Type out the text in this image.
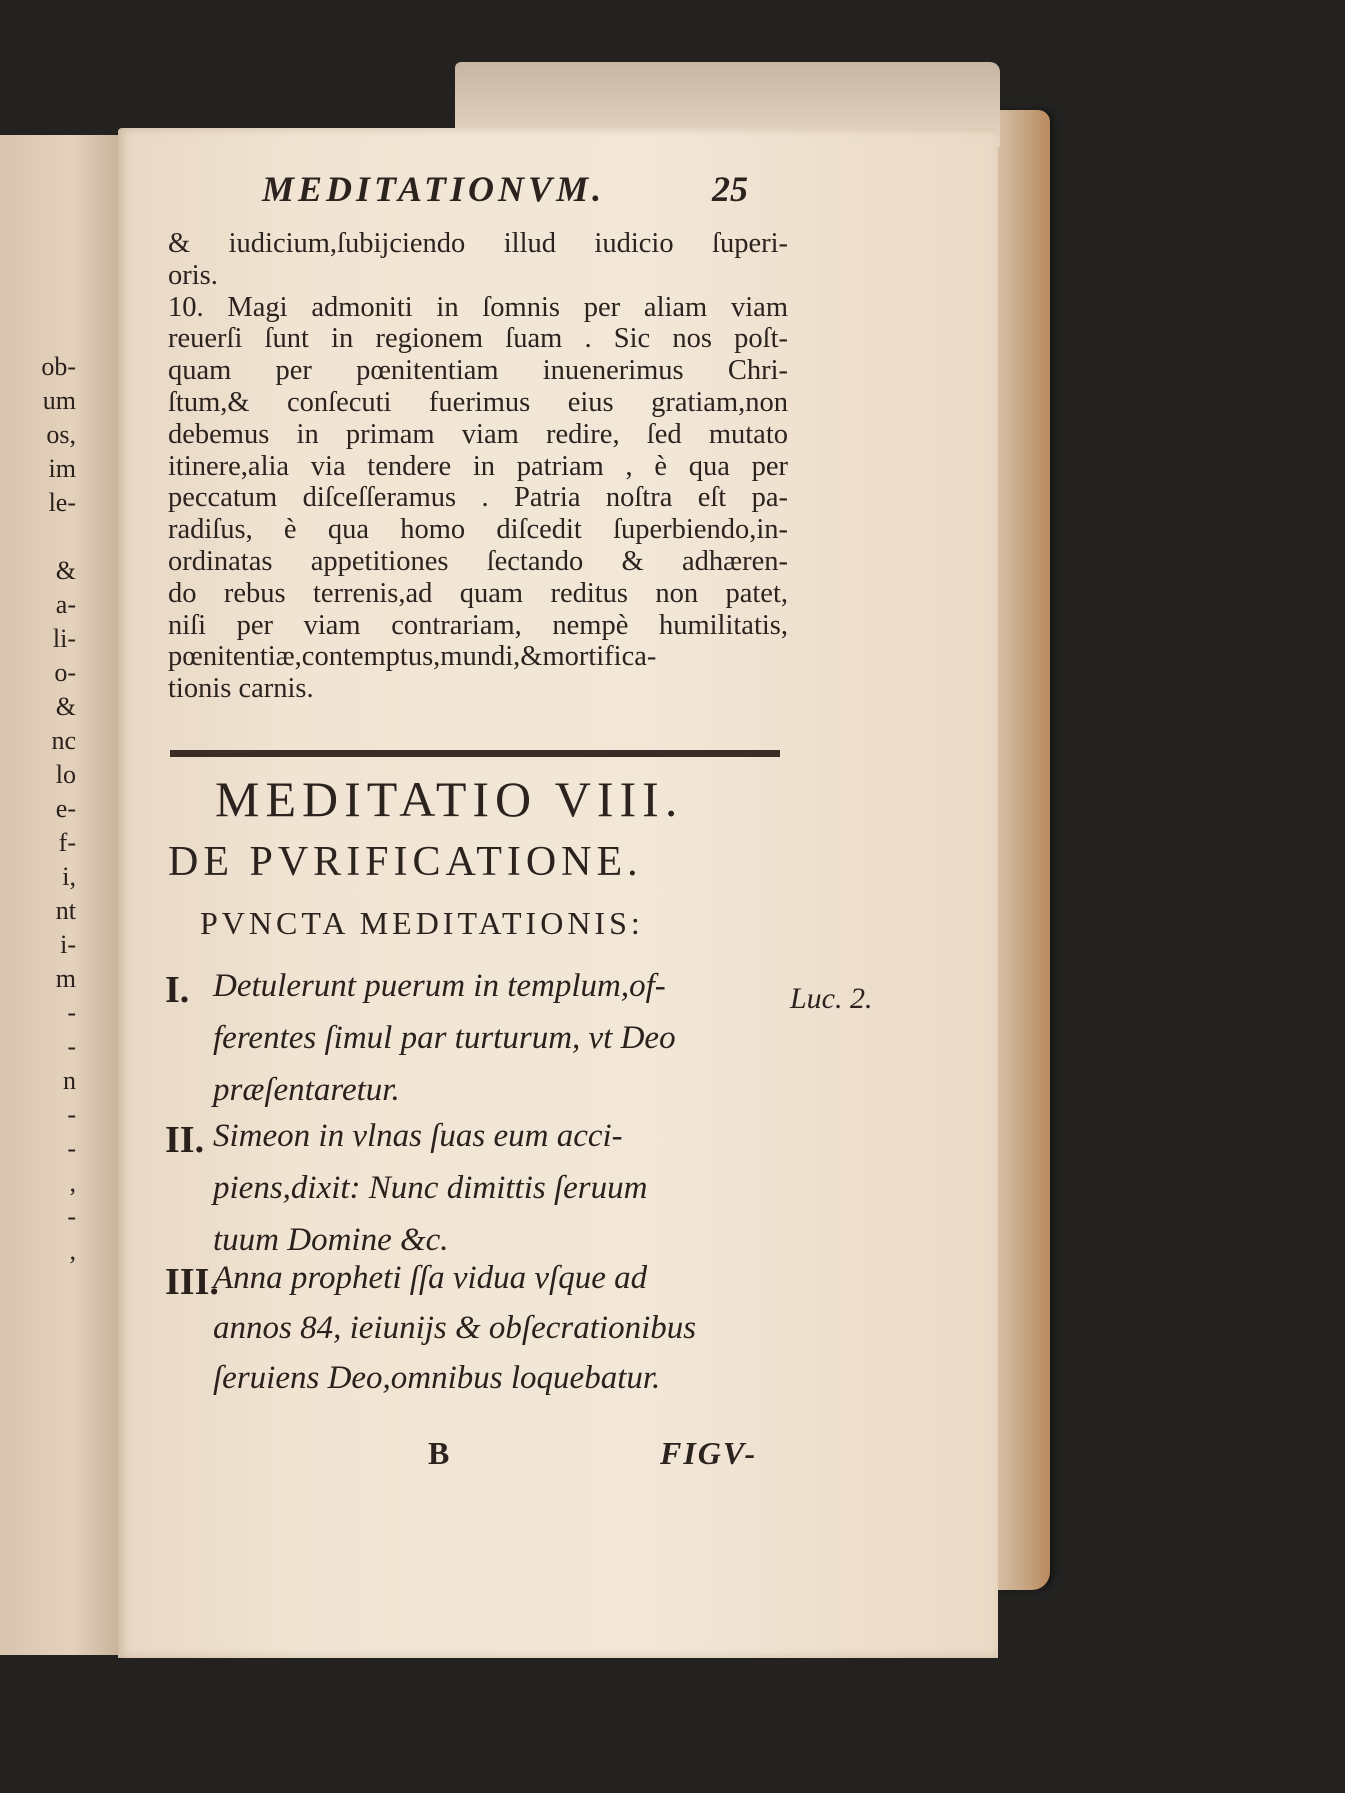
ob-
um
os,
im
le-

&
a-
li-
o-
&
nc
lo
e-
f-
i,
nt
i-
m
-
-
n
-
-
,
-
,
MEDITATIONVM.	25
& iudicium,ſubijciendo illud iudicio ſuperi-
oris.
10. Magi admoniti in ſomnis per aliam viam
reuerſi ſunt in regionem ſuam . Sic nos poſt-
quam per pœnitentiam inuenerimus Chri-
ſtum,& conſecuti fuerimus eius gratiam,non
debemus in primam viam redire, ſed mutato
itinere,alia via tendere in patriam , è qua per
peccatum diſceſſeramus . Patria noſtra eſt pa-
radiſus, è qua homo diſcedit ſuperbiendo,in-
ordinatas appetitiones ſectando & adhæren-
do rebus terrenis,ad quam reditus non patet,
niſi per viam contrariam, nempè humilitatis,
pœnitentiæ,contemptus,mundi,&mortifica-
tionis carnis.
MEDITATIO VIII.
DE PVRIFICATIONE.
PVNCTA MEDITATIONIS:
I. Detulerunt puerum in templum,of-
ferentes ſimul par turturum, vt Deo
præſentaretur.
II. Simeon in vlnas ſuas eum acci-
piens,dixit: Nunc dimittis ſeruum
tuum Domine &c.
III.
Anna propheti ſſa vidua vſque ad
annos 84, ieiunijs & obſecrationibus
ſeruiens Deo,omnibus loquebatur.
Luc. 2.
B	FIGV-
